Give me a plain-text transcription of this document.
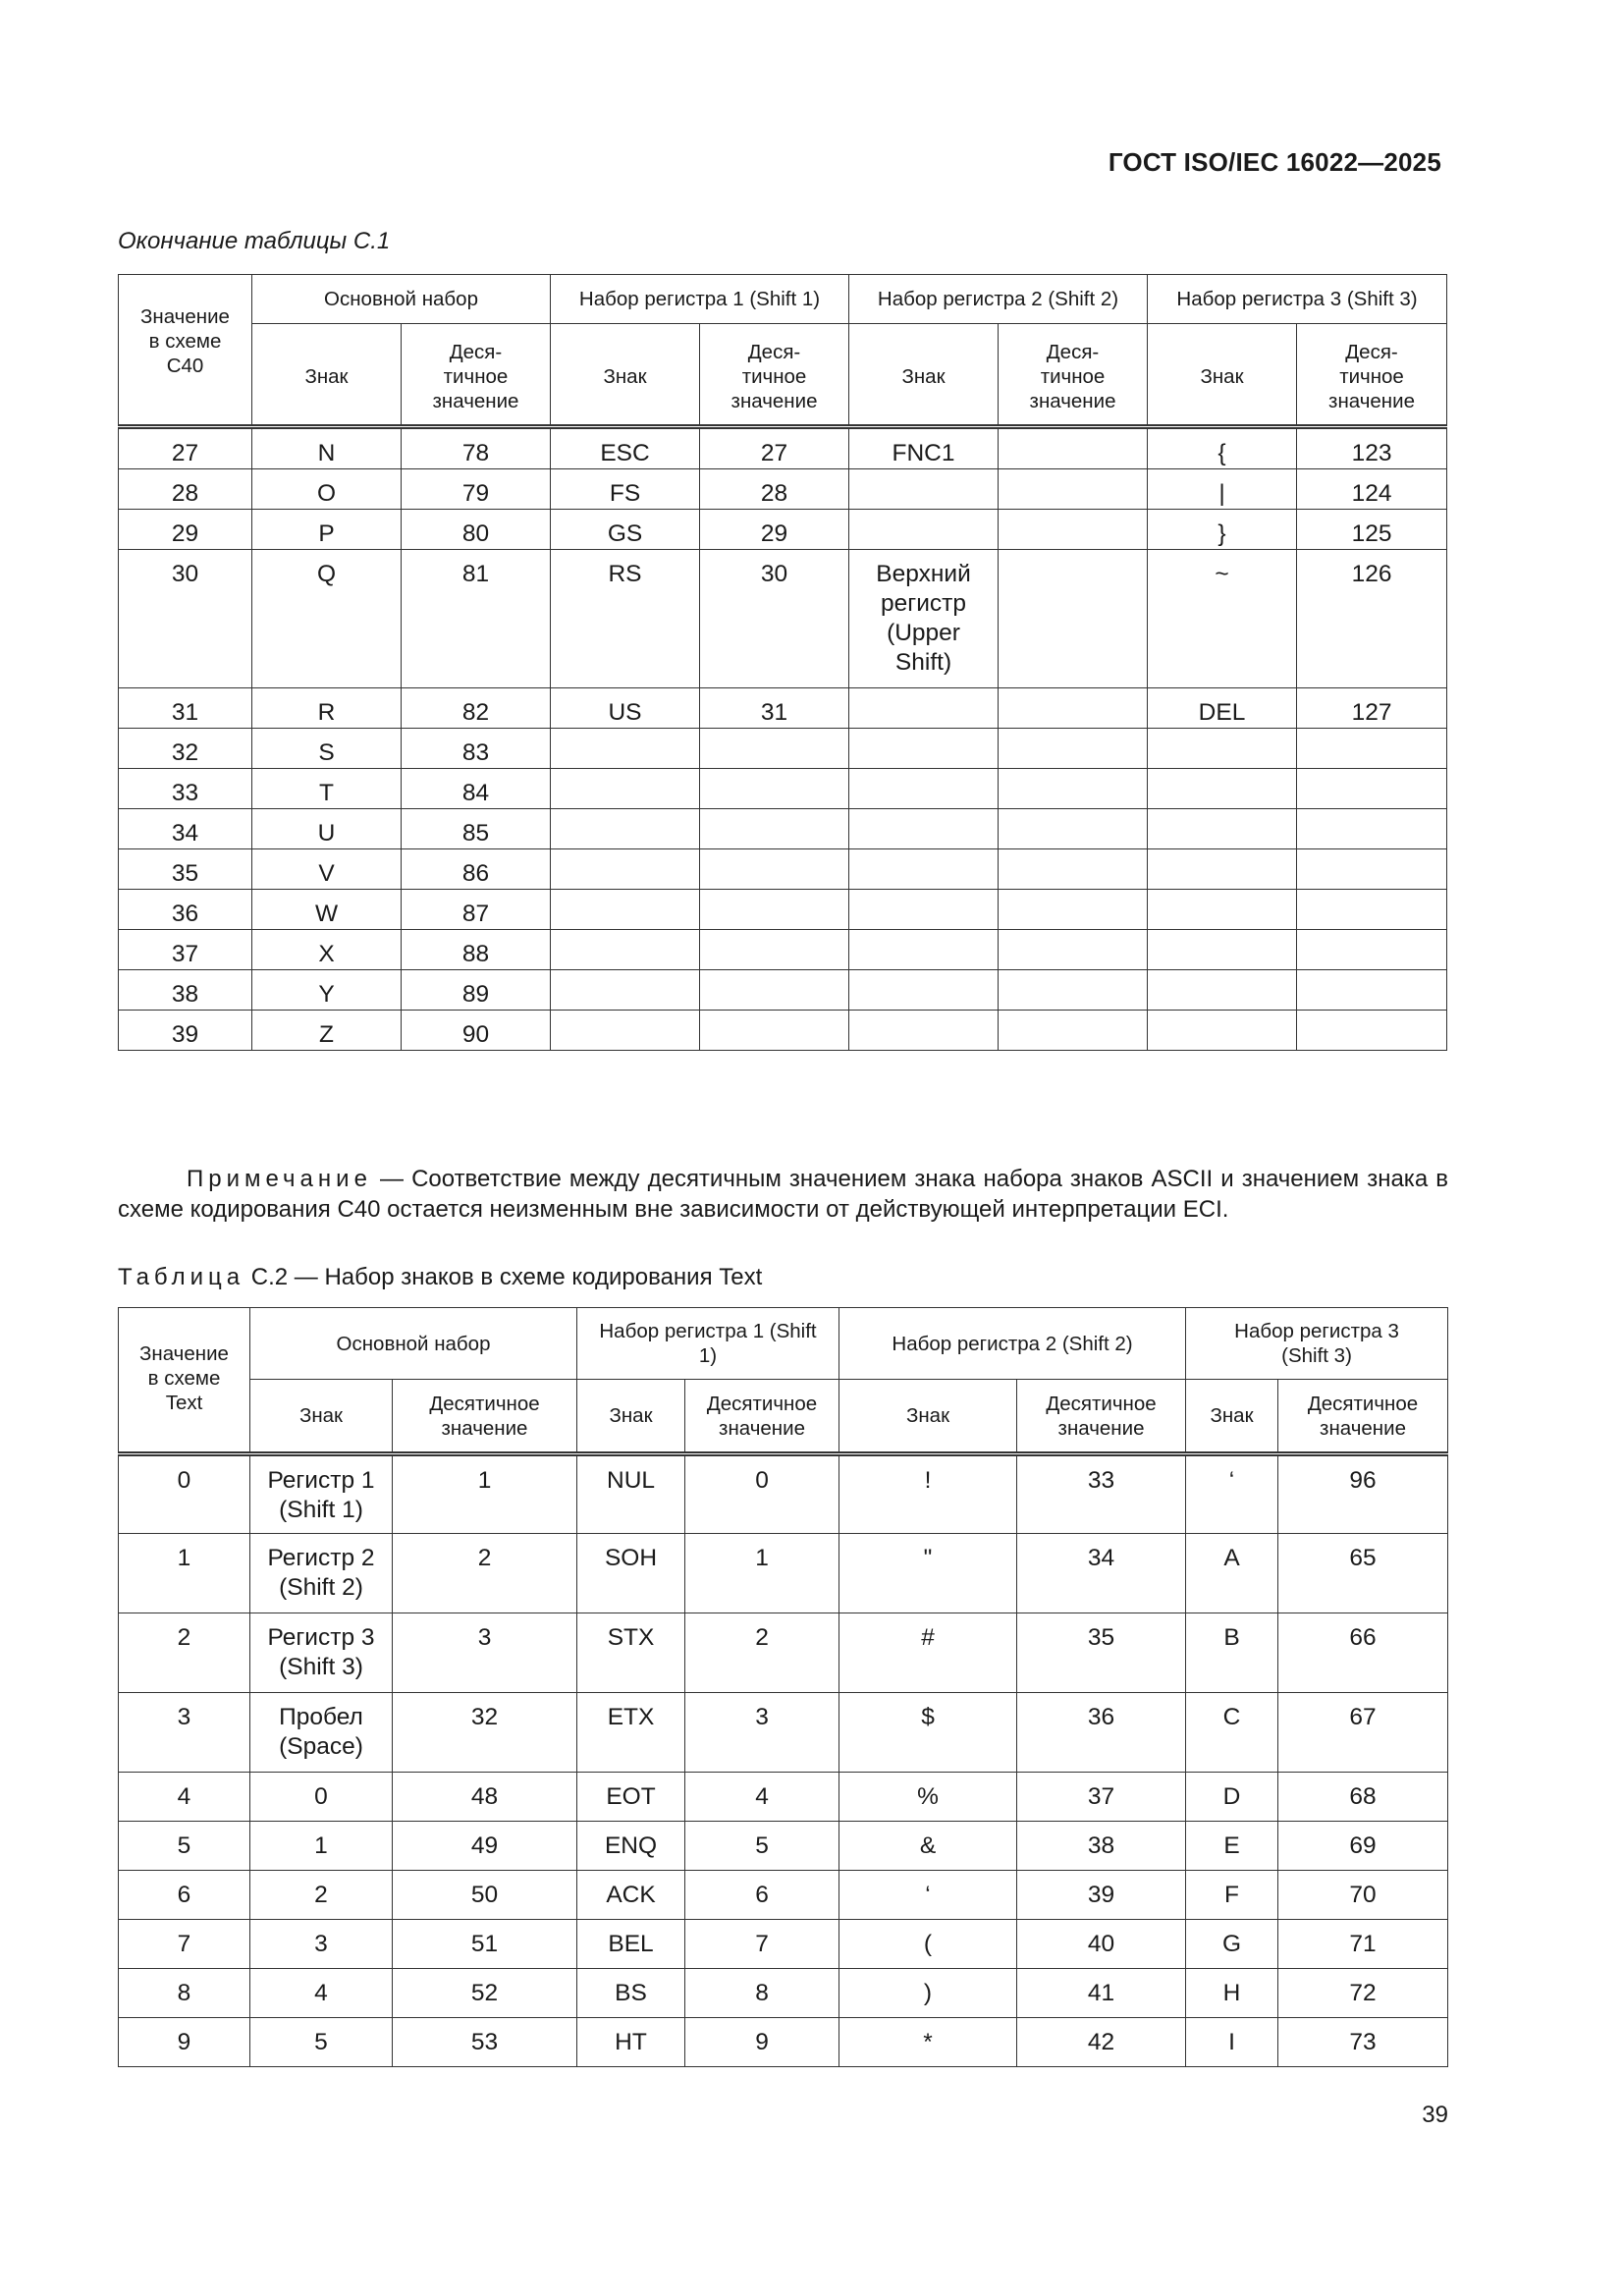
ГОСТ ISO/IEC 16022—2025
Окончание таблицы С.1
Значение
в схеме
C40	Основной набор		Набор регистра 1 (Shift 1)		Набор регистра 2 (Shift 2)		Набор регистра 3 (Shift 3)	
	Знак	Деся-
тичное
значение	Знак	Деся-
тичное
значение	Знак	Деся-
тичное
значение	Знак	Деся-
тичное
значение
27	N	78	ESC	27	FNC1		{	123
28	O	79	FS	28			|	124
29	P	80	GS	29			}	125
30	Q	81	RS	30	Верхний регистр (Upper Shift)		~	126
31	R	82	US	31			DEL	127
32	S	83						
33	T	84						
34	U	85						
35	V	86						
36	W	87						
37	X	88						
38	Y	89						
39	Z	90						
Примечание — Соответствие между десятичным значением знака набора знаков ASCII и значением знака в схеме кодирования С40 остается неизменным вне зависимости от действующей интерпретации ECI.
Таблица С.2 — Набор знаков в схеме кодирования Text
Значение
в схеме
Text	Основной набор		Набор регистра 1 (Shift 1)		Набор регистра 2 (Shift 2)		Набор регистра 3 (Shift 3)	
	Знак	Десятичное значение	Знак	Десятичное значение	Знак	Десятичное значение	Знак	Десятичное значение
0	Регистр 1 (Shift 1)	1	NUL	0	!	33	‘	96
1	Регистр 2 (Shift 2)	2	SOH	1	"	34	A	65
2	Регистр 3 (Shift 3)	3	STX	2	#	35	B	66
3	Пробел (Space)	32	ETX	3	$	36	C	67
4	0	48	EOT	4	%	37	D	68
5	1	49	ENQ	5	&	38	E	69
6	2	50	ACK	6	‘	39	F	70
7	3	51	BEL	7	(	40	G	71
8	4	52	BS	8	)	41	H	72
9	5	53	HT	9	*	42	I	73
39
